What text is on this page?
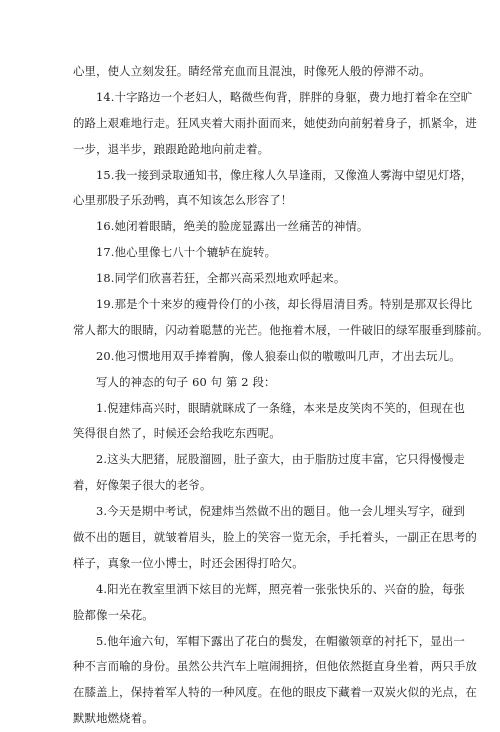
心里，使人立刻发狂。睛经常充血而且混浊，时像死人般的停滞不动。
14.十字路边一个老妇人，略微些佝背，胖胖的身躯，费力地打着伞在空旷
的路上艰难地行走。狂风夹着大雨扑面而来，她使劲向前躬着身子，抓紧伞，进
一步，退半步，踉跟跄跄地向前走着。
15.我一接到录取通知书，像庄稼人久旱逢雨，又像渔人雾海中望见灯塔，
心里那股子乐劲鸭，真不知该怎么形容了！
16.她闭着眼睛，绝美的脸庞显露出一丝痛苦的神情。
17.他心里像七八十个辘轳在旋转。
18.同学们欣喜若狂，全都兴高采烈地欢呼起来。
19.那是个十来岁的瘦骨伶仃的小孩，却长得眉清目秀。特别是那双长得比
常人都大的眼睛，闪动着聪慧的光芒。他拖着木屐，一件破旧的绿军服垂到膝前。
20.他习惯地用双手捧着胸，像人狼泰山似的嗷嗷叫几声，才出去玩儿。
写人的神态的句子 60 句 第 2 段：
1.倪建炜高兴时，眼睛就眯成了一条缝，本来是皮笑肉不笑的，但现在也
笑得很自然了，时候还会给我吃东西呢。
2.这头大肥猪，屁股溜圆，肚子蛮大，由于脂肪过度丰富，它只得慢慢走
着，好像架子很大的老爷。
3.今天是期中考试，倪建炜当然做不出的题目。他一会儿埋头写字，碰到
做不出的题目，就皱着眉头，脸上的笑容一览无余，手托着头，一副正在思考的
样子，真象一位小博士，时还会困得打哈欠。
4.阳光在教室里洒下炫目的光辉，照亮着一张张快乐的、兴奋的脸，每张
脸都像一朵花。
5.他年逾六旬，军帽下露出了花白的鬓发，在帽徽领章的衬托下，显出一
种不言而喻的身份。虽然公共汽车上喧闹拥挤，但他依然挺直身坐着，两只手放
在膝盖上，保持着军人特的一种风度。在他的眼皮下藏着一双炭火似的光点，在
默默地燃烧着。
